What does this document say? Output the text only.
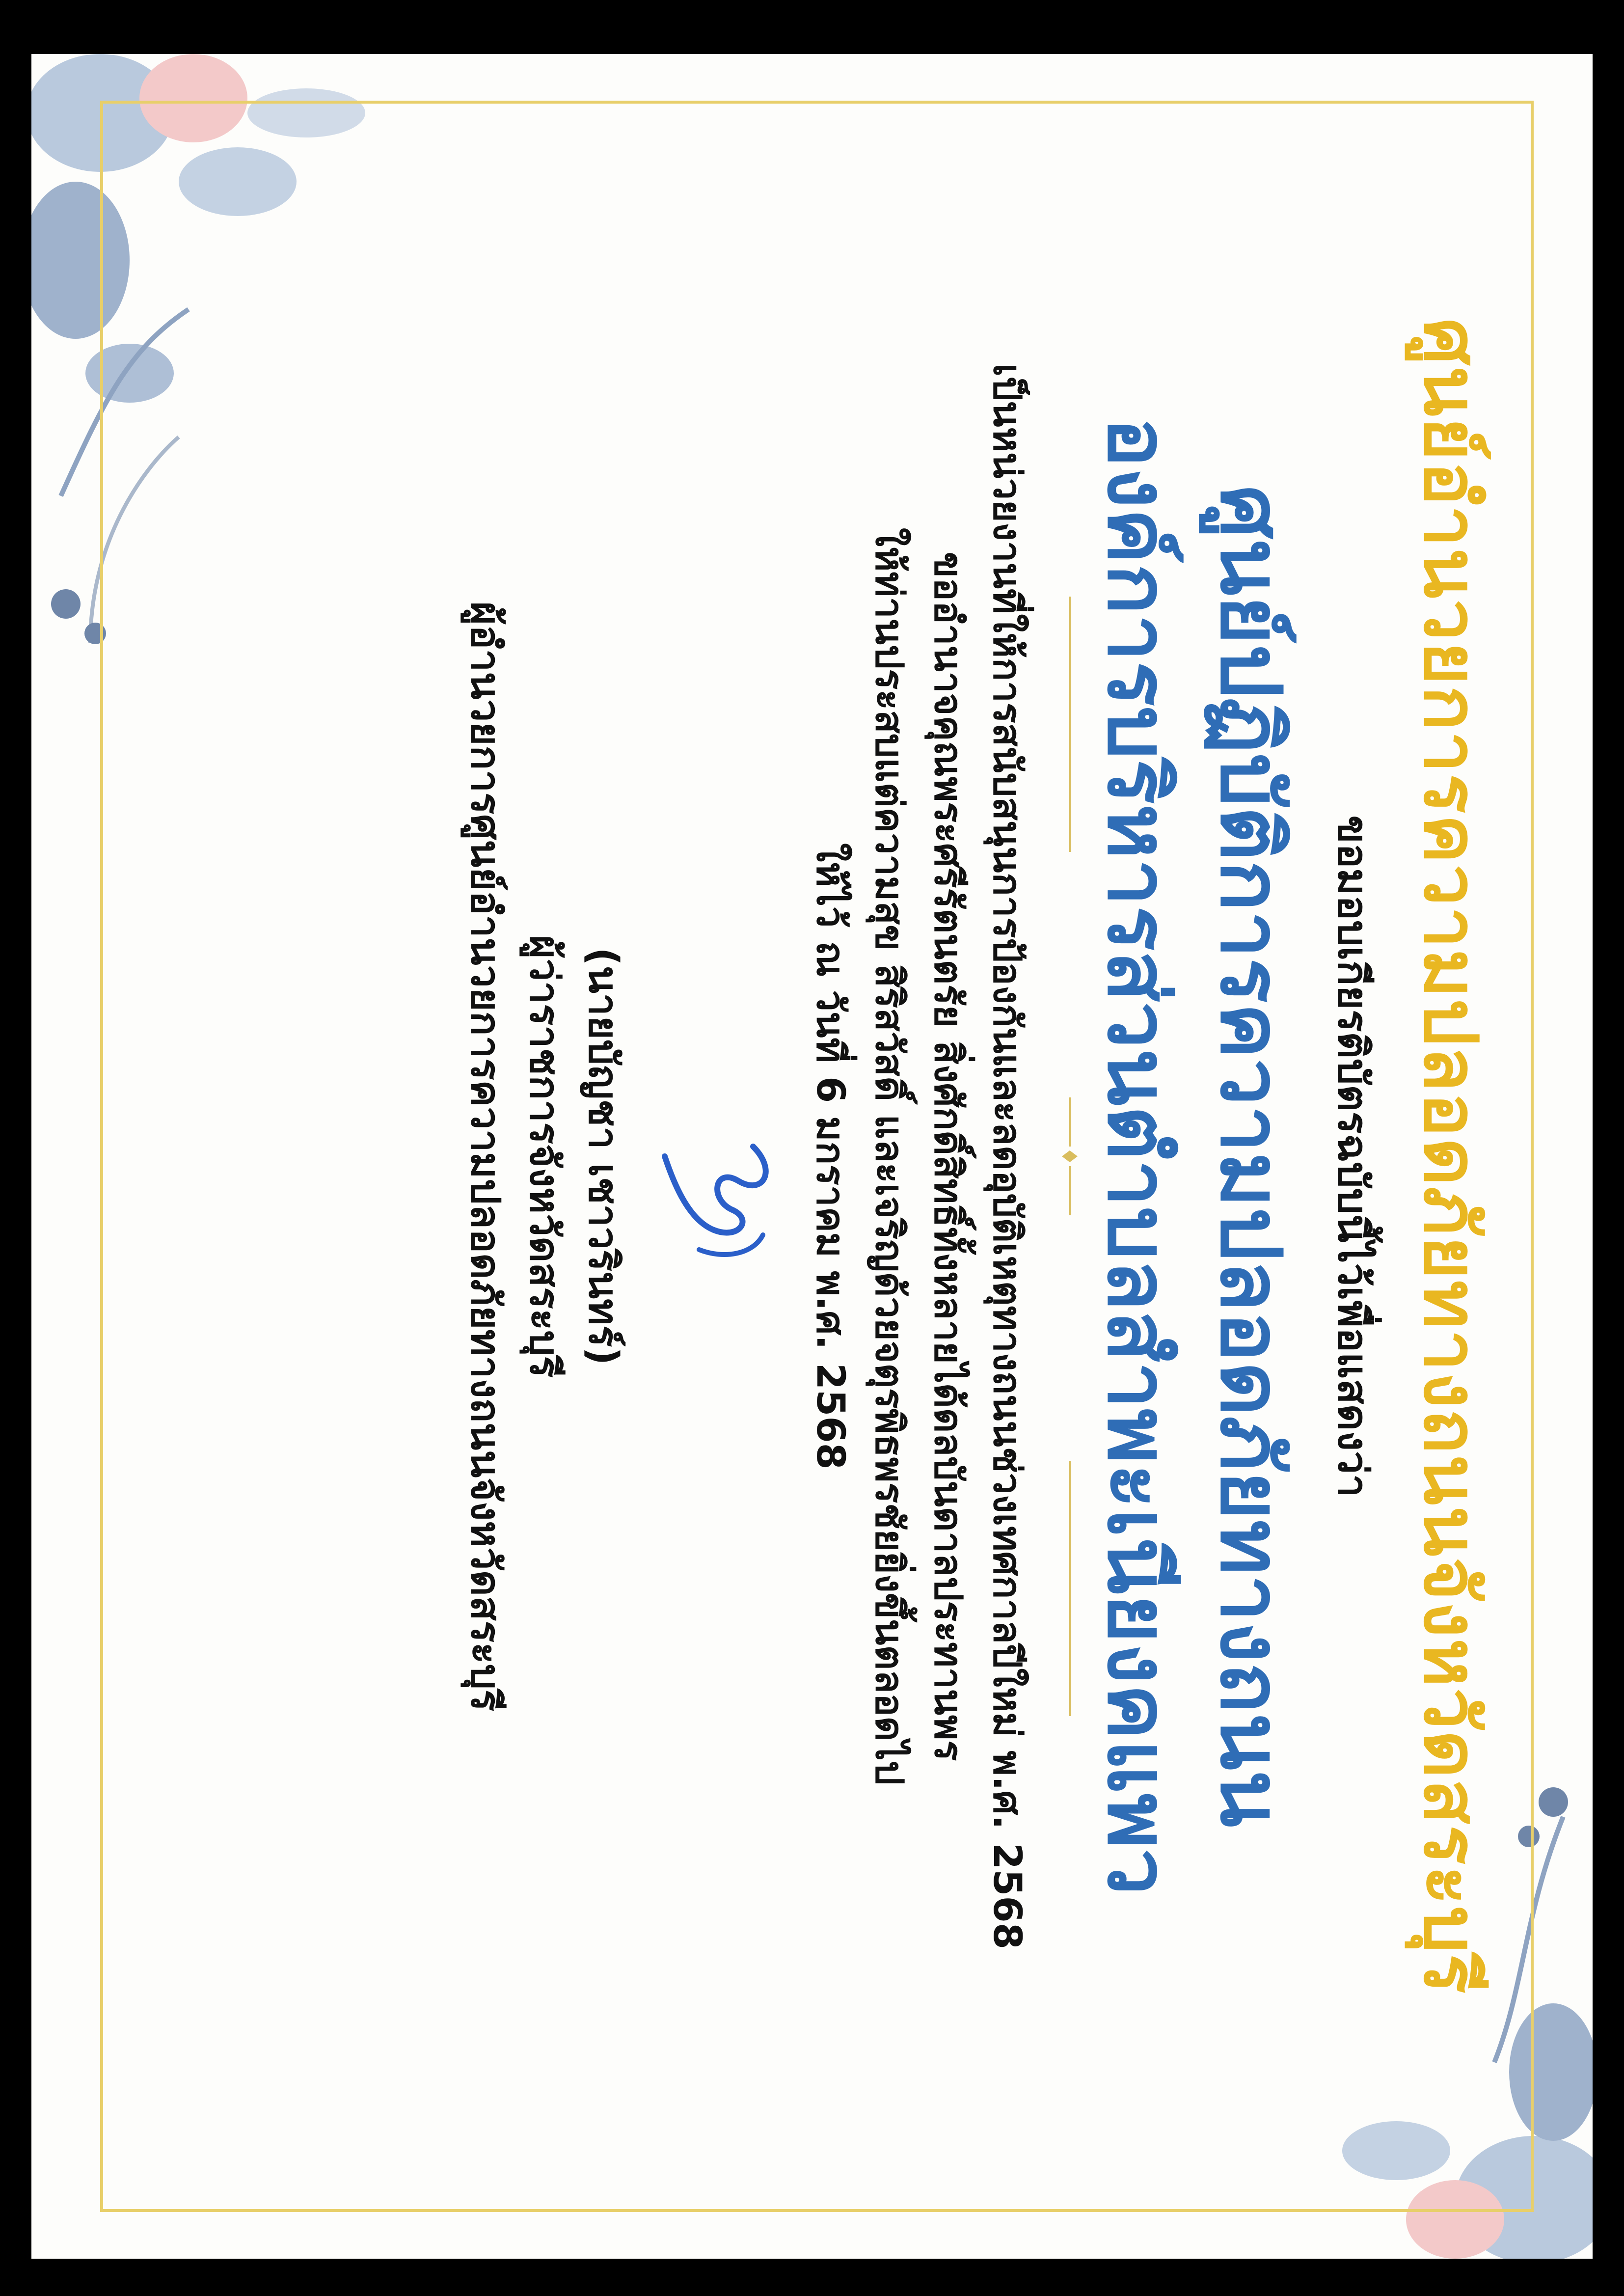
ศูนย์อำนวยการความปลอดภัยทางถนนจังหวัดสระบุรี
ขอมอบเกียรติบัตรฉบับนี้ไว้เพื่อแสดงว่า
ศูนย์ปฏิบัติการความปลอดภัยทางถนน
องค์การบริหารส่วนตำบลสำพะเนียงคแพว
เป็นหน่วยงานที่ให้การสนับสนุนการป้องกันและลดอุบัติเหตุทางถนนช่วงเทศกาลปีใหม่ พ.ศ. 2568
ขออำนาจคุณพระศรีรัตนตรัย สิ่งศักดิ์สิทธิ์ทั้งหลายได้ดลบันดาลประทานพร
ให้ท่านประสบแต่ความสุข สิริสวัสดิ์ และเจริญด้วยจตุรพิธพรชัยยิ่งขึ้นตลอดไป
ให้ไว้ ณ วันที่ 6 มกราคม พ.ศ. 2568
(นายบัญชา เชาวรินทร์)
ผู้ว่าราชการจังหวัดสระบุรี
ผู้อำนวยการศูนย์อำนวยการความปลอดภัยทางถนนจังหวัดสระบุรี
